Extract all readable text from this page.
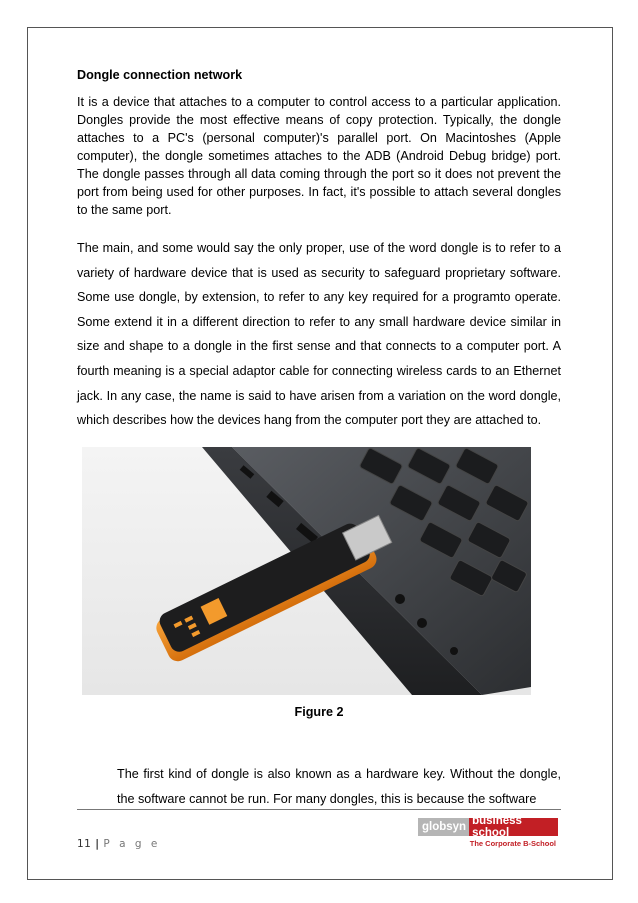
Dongle connection network

It is a device that attaches to a computer to control access to a particular application. Dongles provide the most effective means of copy protection. Typically, the dongle attaches to a PC's (personal computer)'s parallel port. On Macintoshes (Apple computer), the dongle sometimes attaches to the ADB (Android Debug bridge) port. The dongle passes through all data coming through the port so it does not prevent the port from being used for other purposes. In fact, it's possible to attach several dongles to the same port.

The main, and some would say the only proper, use of the word dongle is to refer to a variety of hardware device that is used as security to safeguard proprietary software. Some use dongle, by extension, to refer to any key required for a programto operate. Some extend it in a different direction to refer to any small hardware device similar in size and shape to a dongle in the first sense and that connects to a computer port. A fourth meaning is a special adaptor cable for connecting wireless cards to an Ethernet jack. In any case, the name is said to have arisen from a variation on the word dongle, which describes how the devices hang from the computer port they are attached to.

Figure 2

The first kind of dongle is also known as a hardware key. Without the dongle, the software cannot be run. For many dongles, this is because the software

11 | P a g e
globsyn business school
The Corporate B-School
